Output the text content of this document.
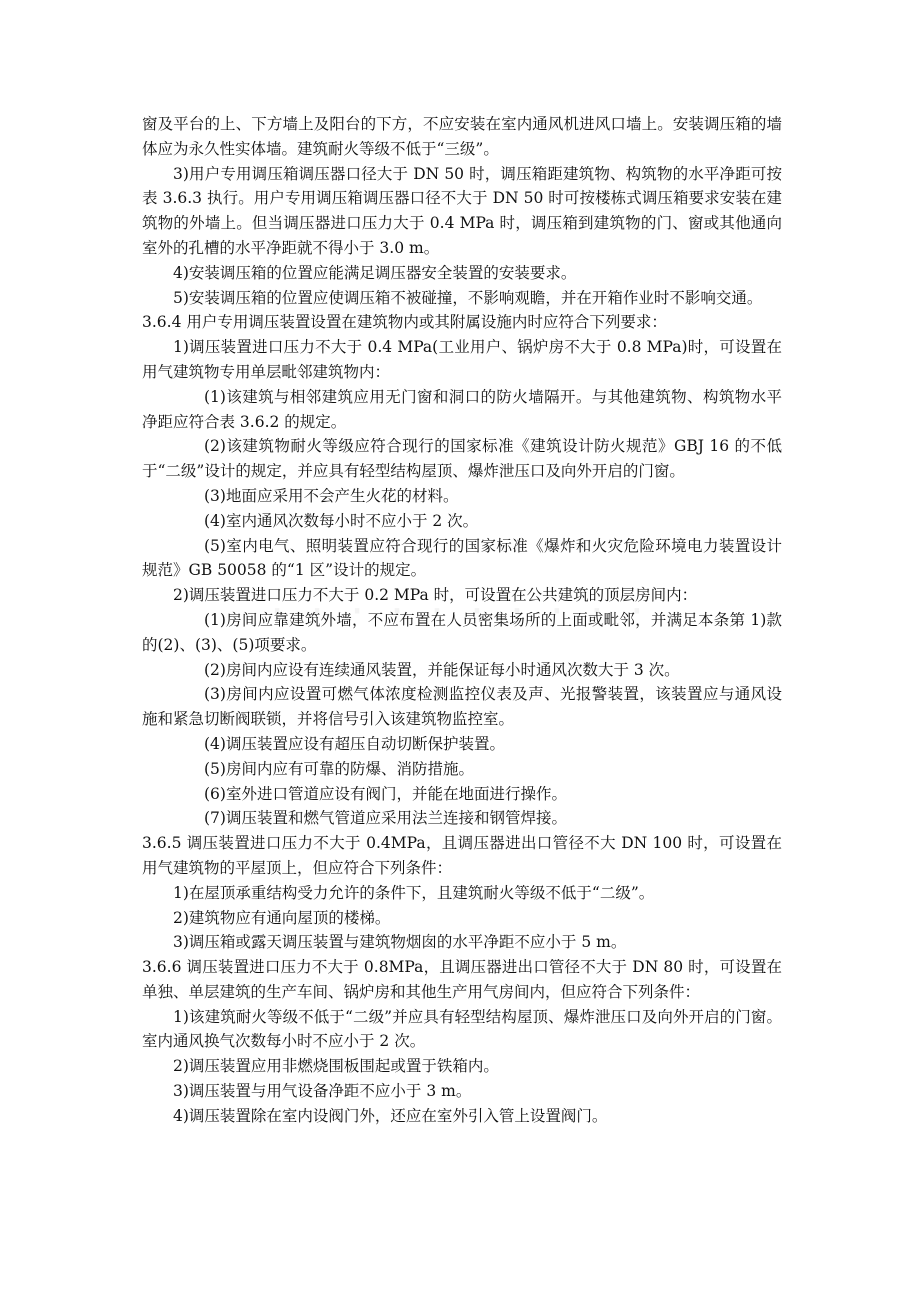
窗及平台的上、下方墙上及阳台的下方，不应安装在室内通风机进风口墙上。安装调压箱的墙体应为永久性实体墙。建筑耐火等级不低于“三级”。

3)用户专用调压箱调压器口径大于 DN 50 时，调压箱距建筑物、构筑物的水平净距可按表 3.6.3 执行。用户专用调压箱调压器口径不大于 DN 50 时可按楼栋式调压箱要求安装在建筑物的外墙上。但当调压器进口压力大于 0.4 MPa 时，调压箱到建筑物的门、窗或其他通向室外的孔槽的水平净距就不得小于 3.0 m。

4)安装调压箱的位置应能满足调压器安全装置的安装要求。

5)安装调压箱的位置应使调压箱不被碰撞，不影响观瞻，并在开箱作业时不影响交通。

3.6.4 用户专用调压装置设置在建筑物内或其附属设施内时应符合下列要求：

1)调压装置进口压力不大于 0.4 MPa(工业用户、锅炉房不大于 0.8 MPa)时，可设置在用气建筑物专用单层毗邻建筑物内：

(1)该建筑与相邻建筑应用无门窗和洞口的防火墙隔开。与其他建筑物、构筑物水平净距应符合表 3.6.2 的规定。

(2)该建筑物耐火等级应符合现行的国家标准《建筑设计防火规范》GBJ 16 的不低于“二级”设计的规定，并应具有轻型结构屋顶、爆炸泄压口及向外开启的门窗。

(3)地面应采用不会产生火花的材料。

(4)室内通风次数每小时不应小于 2 次。

(5)室内电气、照明装置应符合现行的国家标准《爆炸和火灾危险环境电力装置设计规范》GB 50058 的“1 区”设计的规定。

2)调压装置进口压力不大于 0.2 MPa 时，可设置在公共建筑的顶层房间内：

(1)房间应靠建筑外墙，不应布置在人员密集场所的上面或毗邻，并满足本条第 1)款的(2)、(3)、(5)项要求。

(2)房间内应设有连续通风装置，并能保证每小时通风次数大于 3 次。

(3)房间内应设置可燃气体浓度检测监控仪表及声、光报警装置，该装置应与通风设施和紧急切断阀联锁，并将信号引入该建筑物监控室。

(4)调压装置应设有超压自动切断保护装置。

(5)房间内应有可靠的防爆、消防措施。

(6)室外进口管道应设有阀门，并能在地面进行操作。

(7)调压装置和燃气管道应采用法兰连接和钢管焊接。

3.6.5 调压装置进口压力不大于 0.4MPa，且调压器进出口管径不大 DN 100 时，可设置在用气建筑物的平屋顶上，但应符合下列条件：

1)在屋顶承重结构受力允许的条件下，且建筑耐火等级不低于“二级”。

2)建筑物应有通向屋顶的楼梯。

3)调压箱或露天调压装置与建筑物烟囱的水平净距不应小于 5 m。

3.6.6 调压装置进口压力不大于 0.8MPa，且调压器进出口管径不大于 DN 80 时，可设置在单独、单层建筑的生产车间、锅炉房和其他生产用气房间内，但应符合下列条件：

1)该建筑耐火等级不低于“二级”并应具有轻型结构屋顶、爆炸泄压口及向外开启的门窗。室内通风换气次数每小时不应小于 2 次。

2)调压装置应用非燃烧围板围起或置于铁箱内。

3)调压装置与用气设备净距不应小于 3 m。

4)调压装置除在室内设阀门外，还应在室外引入管上设置阀门。
